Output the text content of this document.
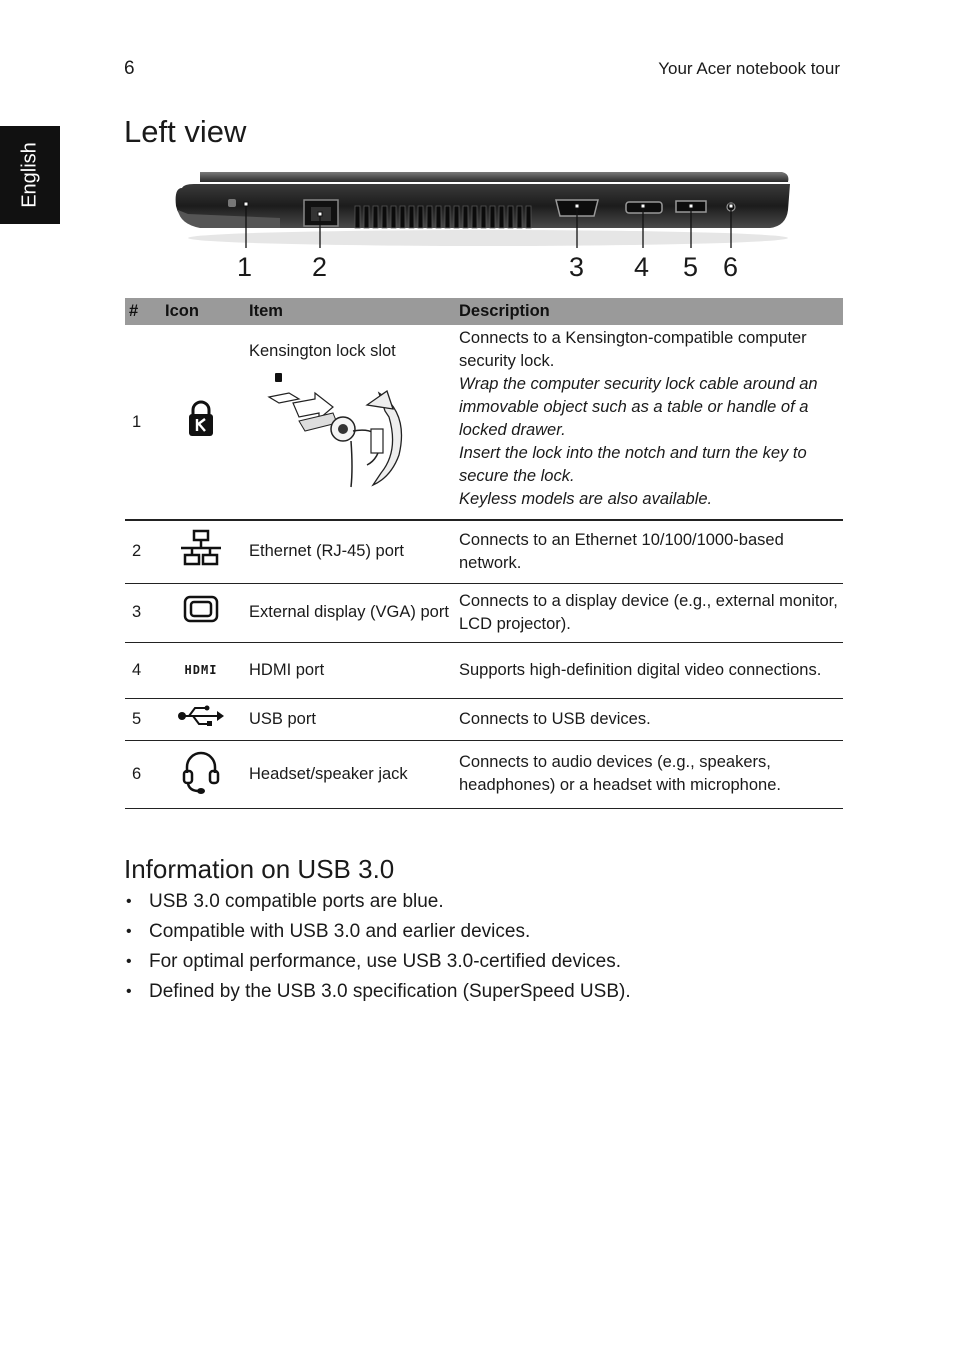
6	Your Acer notebook tour
English
Left view
1 2	3 4 5 6
#	Icon	Item	Description
1		Kensington lock slot	Connects to a Kensington-compatible computer security lock.
Wrap the computer security lock cable around an immovable object such as a table or handle of a locked drawer.
Insert the lock into the notch and turn the key to secure the lock.
Keyless models are also available.

2		Ethernet (RJ-45) port	Connects to an Ethernet 10/100/1000-based network.
3		External display (VGA) port	Connects to a display device (e.g., external monitor, LCD projector).
4	HDMI	HDMI port	Supports high-definition digital video connections.
5		USB port	Connects to USB devices.
6		Headset/speaker jack	Connects to audio devices (e.g., speakers, headphones) or a headset with microphone.
Information on USB 3.0
• USB 3.0 compatible ports are blue.
• Compatible with USB 3.0 and earlier devices.
• For optimal performance, use USB 3.0-certified devices.
• Defined by the USB 3.0 specification (SuperSpeed USB).
